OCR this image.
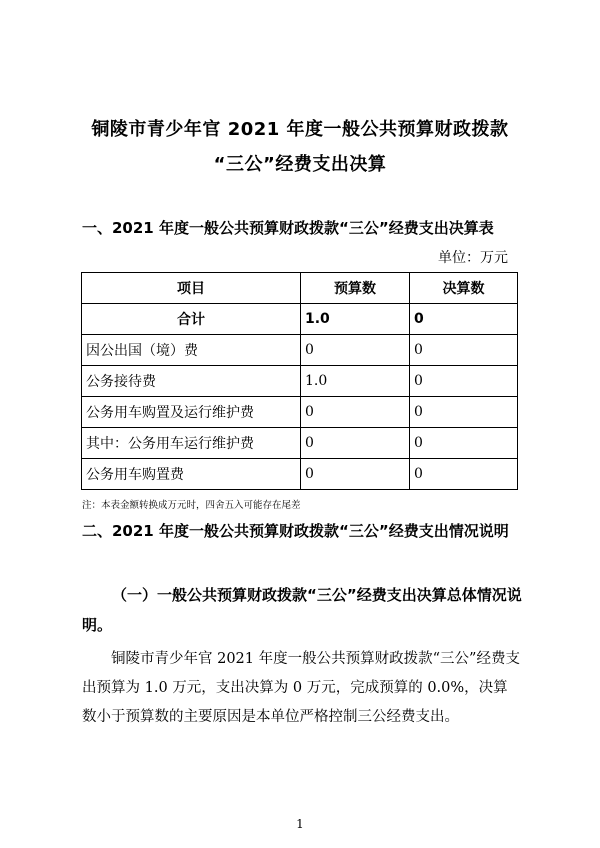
铜陵市青少年官 2021 年度一般公共预算财政拨款
“三公”经费支出决算
一、2021 年度一般公共预算财政拨款“三公”经费支出决算表
单位：万元
项目	预算数	决算数
合计	1.0	0
因公出国（境）费	0	0
公务接待费	1.0	0
公务用车购置及运行维护费	0	0
其中：公务用车运行维护费	0	0
公务用车购置费	0	0
注：本表金额转换成万元时，四舍五入可能存在尾差
二、2021 年度一般公共预算财政拨款“三公”经费支出情况说明
（一）一般公共预算财政拨款“三公”经费支出决算总体情况说明。
铜陵市青少年官 2021 年度一般公共预算财政拨款“三公”经费支出预算为 1.0 万元，支出决算为 0 万元，完成预算的 0.0%，决算数小于预算数的主要原因是本单位严格控制三公经费支出。
1
